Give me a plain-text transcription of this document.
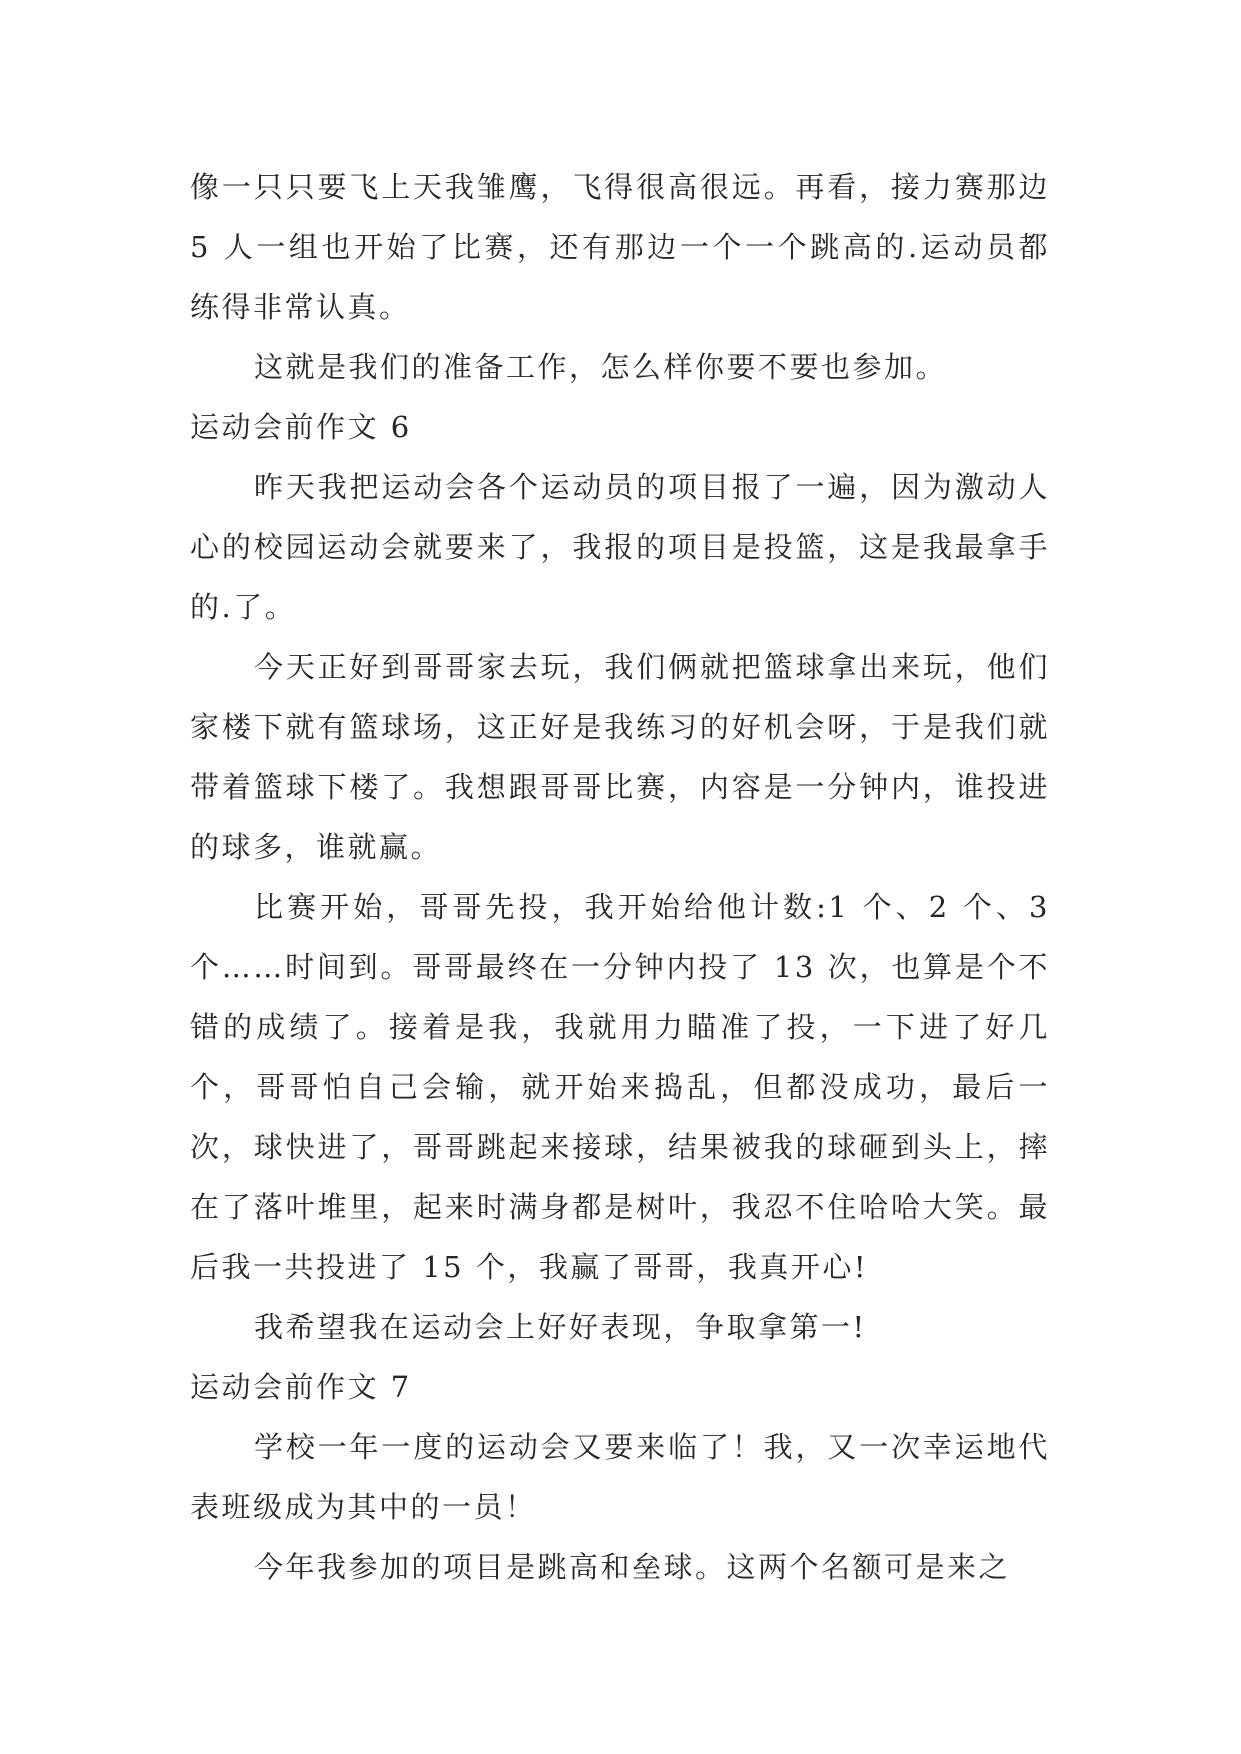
像一只只要飞上天我雏鹰，飞得很高很远。再看，接力赛那边 5 人一组也开始了比赛，还有那边一个一个跳高的.运动员都练得非常认真。

这就是我们的准备工作，怎么样你要不要也参加。

运动会前作文 6

昨天我把运动会各个运动员的项目报了一遍，因为激动人心的校园运动会就要来了，我报的项目是投篮，这是我最拿手的.了。

今天正好到哥哥家去玩，我们俩就把篮球拿出来玩，他们家楼下就有篮球场，这正好是我练习的好机会呀，于是我们就带着篮球下楼了。我想跟哥哥比赛，内容是一分钟内，谁投进的球多，谁就赢。

比赛开始，哥哥先投，我开始给他计数:1 个、2 个、3 个……时间到。哥哥最终在一分钟内投了 13 次，也算是个不错的成绩了。接着是我，我就用力瞄准了投，一下进了好几个，哥哥怕自己会输，就开始来捣乱，但都没成功，最后一次，球快进了，哥哥跳起来接球，结果被我的球砸到头上，摔在了落叶堆里，起来时满身都是树叶，我忍不住哈哈大笑。最后我一共投进了 15 个，我赢了哥哥，我真开心!

我希望我在运动会上好好表现，争取拿第一!

运动会前作文 7

学校一年一度的运动会又要来临了！我，又一次幸运地代表班级成为其中的一员！

今年我参加的项目是跳高和垒球。这两个名额可是来之
